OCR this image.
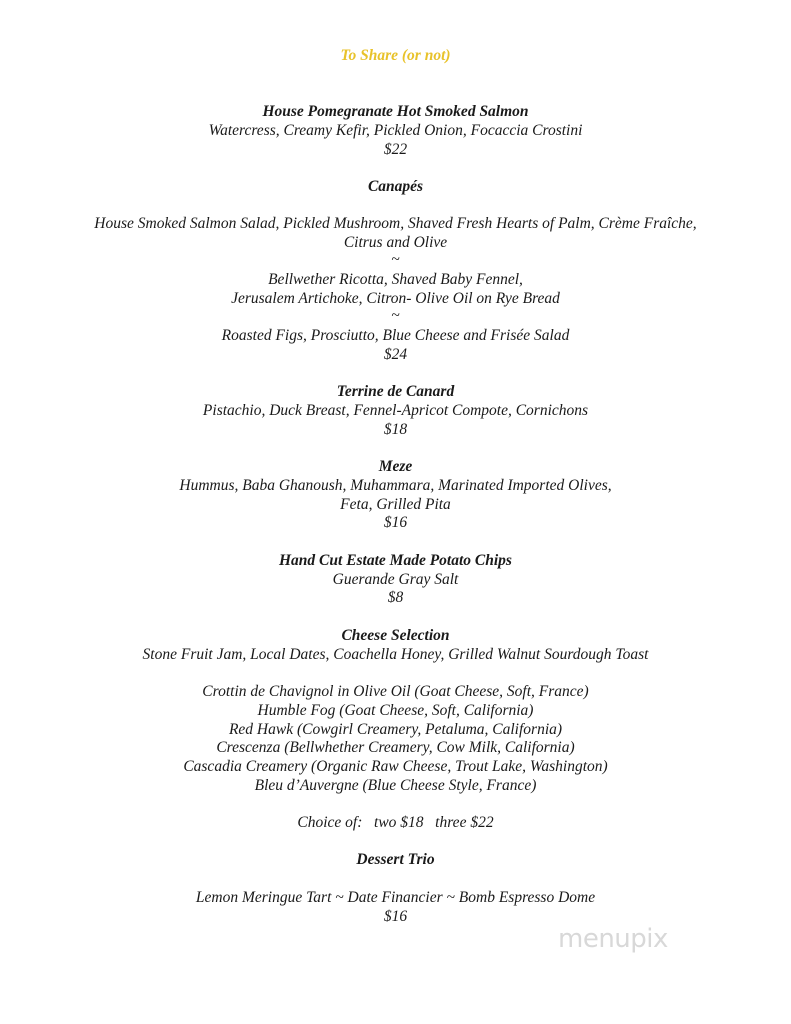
To Share (or not)
House Pomegranate Hot Smoked Salmon
Watercress, Creamy Kefir, Pickled Onion, Focaccia Crostini
$22
Canapés
House Smoked Salmon Salad, Pickled Mushroom, Shaved Fresh Hearts of Palm, Crème Fraîche,
Citrus and Olive
~
Bellwether Ricotta, Shaved Baby Fennel,
Jerusalem Artichoke, Citron- Olive Oil on Rye Bread
~
Roasted Figs, Prosciutto, Blue Cheese and Frisée Salad
$24
Terrine de Canard
Pistachio, Duck Breast, Fennel-Apricot Compote, Cornichons
$18
Meze
Hummus, Baba Ghanoush, Muhammara, Marinated Imported Olives,
Feta, Grilled Pita
$16
Hand Cut Estate Made Potato Chips
Guerande Gray Salt
$8
Cheese Selection
Stone Fruit Jam, Local Dates, Coachella Honey, Grilled Walnut Sourdough Toast
Crottin de Chavignol in Olive Oil (Goat Cheese, Soft, France)
Humble Fog (Goat Cheese, Soft, California)
Red Hawk (Cowgirl Creamery, Petaluma, California)
Crescenza (Bellwhether Creamery, Cow Milk, California)
Cascadia Creamery (Organic Raw Cheese, Trout Lake, Washington)
Bleu d’Auvergne (Blue Cheese Style, France)
Choice of:   two $18   three $22
Dessert Trio
Lemon Meringue Tart ~ Date Financier ~ Bomb Espresso Dome
$16
menupix
